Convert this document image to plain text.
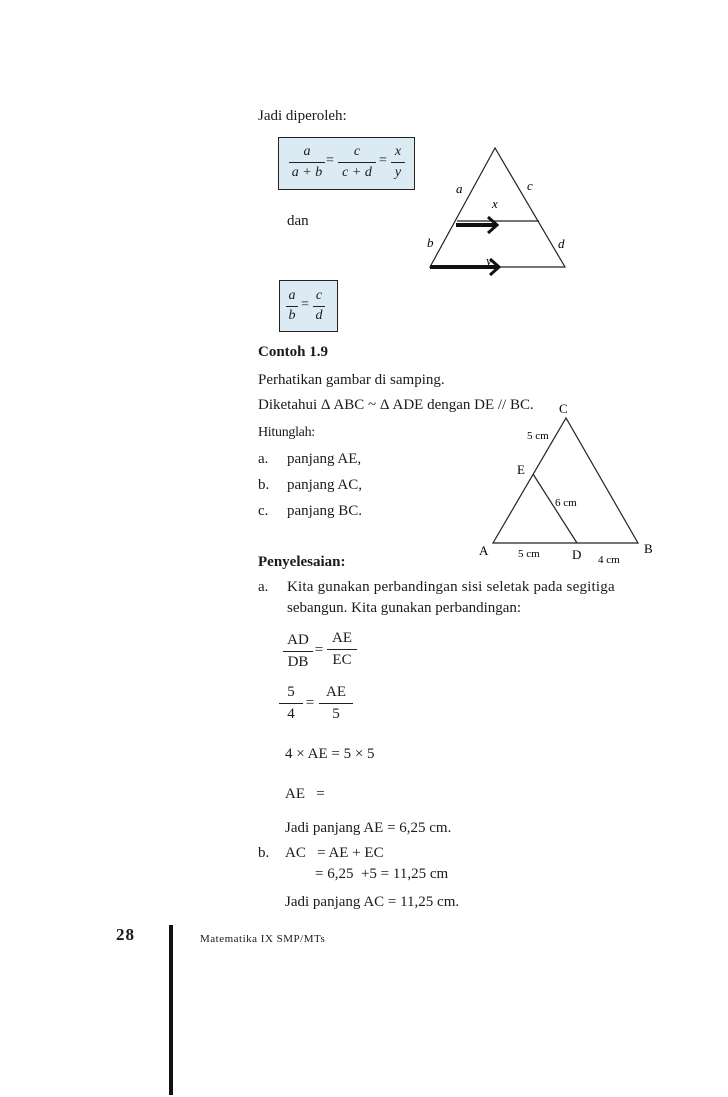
Jadi diperoleh:
a
a + b
=
c
c + d
=
x
y
dan
a
b
=
c
d
a	c
x
b	d
y
Contoh 1.9
Perhatikan gambar di samping.
Diketahui Δ ABC ~ Δ ADE dengan DE // BC.
Hitunglah:
a. panjang AE,
b. panjang AC,
c. panjang BC.
C
5 cm
E
6 cm
A	5 cm D 4 cm
B
Penyelesaian:
a. Kita gunakan perbandingan sisi seletak pada segitiga
sebangun. Kita gunakan perbandingan:
AD
DB
=
AE
EC
5
4
=
AE
5
4 × AE = 5 × 5
AE   =
Jadi panjang AE = 6,25 cm.
b. AC   = AE + EC
= 6,25  +5 = 11,25 cm
Jadi panjang AC = 11,25 cm.
28	Matematika IX SMP/MTs
